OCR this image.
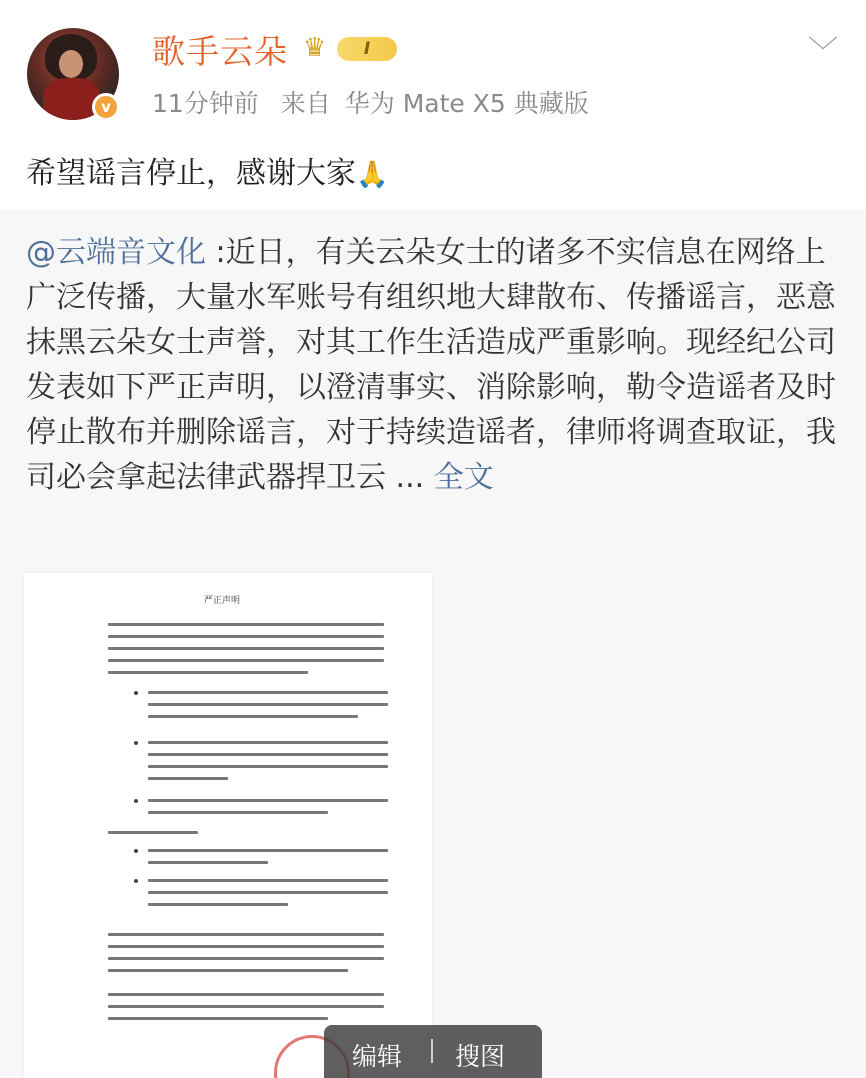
v
歌手云朵 ♛	I	﹀
11分钟前 来自 华为 Mate X5 典藏版
希望谣言停止，感谢大家🙏
@云端音文化 :近日，有关云朵女士的诸多不实信息在网络上广泛传播，大量水军账号有组织地大肆散布、传播谣言，恶意抹黑云朵女士声誉，对其工作生活造成严重影响。现经纪公司发表如下严正声明，以澄清事实、消除影响，勒令造谣者及时停止散布并删除谣言，对于持续造谣者，律师将调查取证，我司必会拿起法律武器捍卫云 ... 全文
严正声明
编辑 搜图
